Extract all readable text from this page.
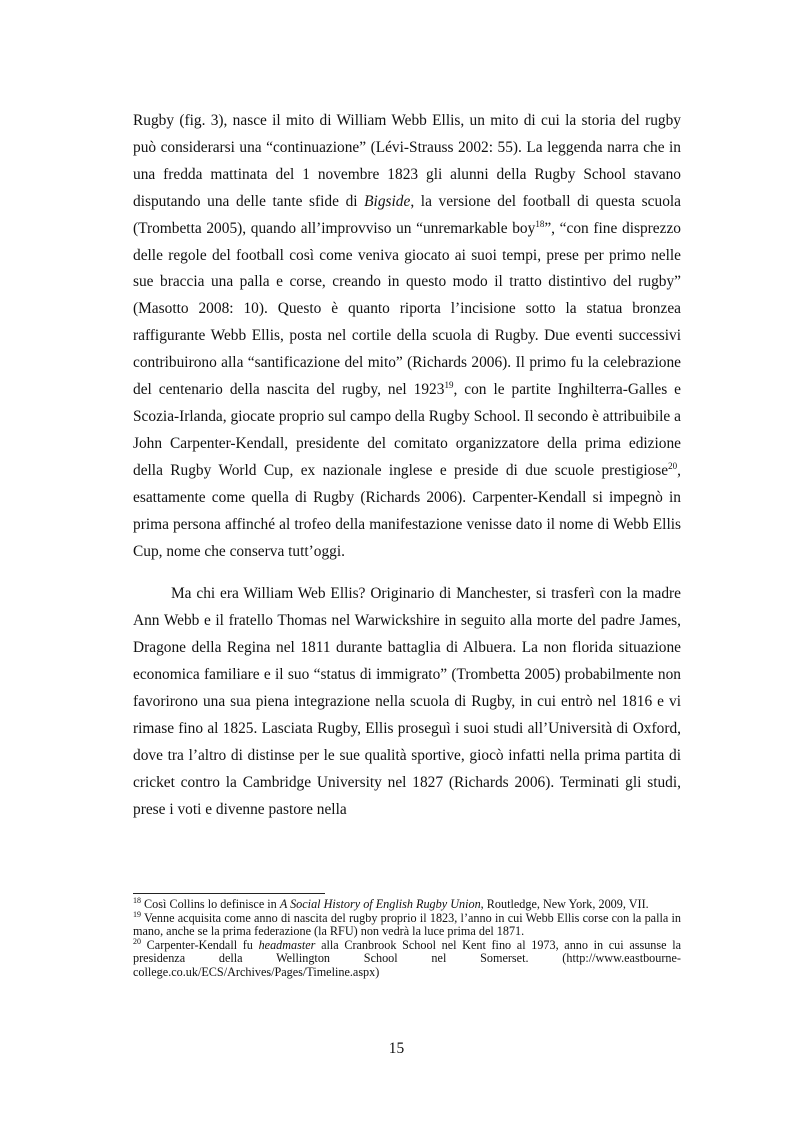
Rugby (fig. 3), nasce il mito di William Webb Ellis, un mito di cui la storia del rugby può considerarsi una “continuazione” (Lévi-Strauss 2002: 55). La leggenda narra che in una fredda mattinata del 1 novembre 1823 gli alunni della Rugby School stavano disputando una delle tante sfide di Bigside, la versione del football di questa scuola (Trombetta 2005), quando all’improvviso un “unremarkable boy$^{18}$”, “con fine disprezzo delle regole del football così come veniva giocato ai suoi tempi, prese per primo nelle sue braccia una palla e corse, creando in questo modo il tratto distintivo del rugby” (Masotto 2008: 10). Questo è quanto riporta l’incisione sotto la statua bronzea raffigurante Webb Ellis, posta nel cortile della scuola di Rugby. Due eventi successivi contribuirono alla “santificazione del mito” (Richards 2006). Il primo fu la celebrazione del centenario della nascita del rugby, nel 1923$^{19}$, con le partite Inghilterra-Galles e Scozia-Irlanda, giocate proprio sul campo della Rugby School. Il secondo è attribuibile a John Carpenter-Kendall, presidente del comitato organizzatore della prima edizione della Rugby World Cup, ex nazionale inglese e preside di due scuole prestigiose$^{20}$, esattamente come quella di Rugby (Richards 2006). Carpenter-Kendall si impegnò in prima persona affinché al trofeo della manifestazione venisse dato il nome di Webb Ellis Cup, nome che conserva tutt’oggi.

Ma chi era William Web Ellis? Originario di Manchester, si trasferì con la madre Ann Webb e il fratello Thomas nel Warwickshire in seguito alla morte del padre James, Dragone della Regina nel 1811 durante battaglia di Albuera. La non florida situazione economica familiare e il suo “status di immigrato” (Trombetta 2005) probabilmente non favorirono una sua piena integrazione nella scuola di Rugby, in cui entrò nel 1816 e vi rimase fino al 1825. Lasciata Rugby, Ellis proseguì i suoi studi all’Università di Oxford, dove tra l’altro di distinse per le sue qualità sportive, giocò infatti nella prima partita di cricket contro la Cambridge University nel 1827 (Richards 2006). Terminati gli studi, prese i voti e divenne pastore nella

$^{18}$ Così Collins lo definisce in A Social History of English Rugby Union, Routledge, New York, 2009, VII.

$^{19}$ Venne acquisita come anno di nascita del rugby proprio il 1823, l’anno in cui Webb Ellis corse con la palla in mano, anche se la prima federazione (la RFU) non vedrà la luce prima del 1871.

$^{20}$ Carpenter-Kendall fu headmaster alla Cranbrook School nel Kent fino al 1973, anno in cui assunse la presidenza della Wellington School nel Somerset. (http://www.eastbourne-college.co.uk/ECS/Archives/Pages/Timeline.aspx)

15
